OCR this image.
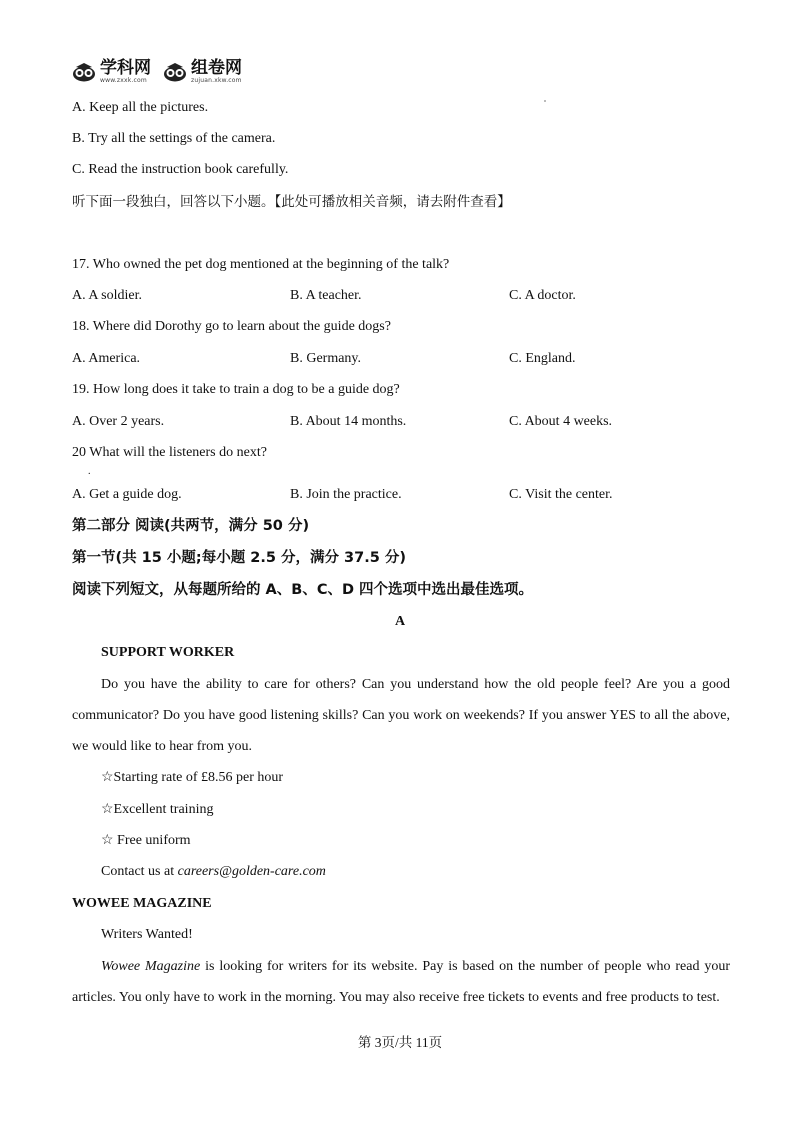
学科网
www.zxxk.com
组卷网
zujuan.xkw.com
A. Keep all the pictures.
B. Try all the settings of the camera.
C. Read the instruction book carefully.
听下面一段独白，回答以下小题。【此处可播放相关音频，请去附件查看】
17. Who owned the pet dog mentioned at the beginning of the talk?
A. A soldier.	B. A teacher.	C. A doctor.
18. Where did Dorothy go to learn about the guide dogs?
A. America.	B. Germany.	C. England.
19. How long does it take to train a dog to be a guide dog?
A. Over 2 years.	B. About 14 months.	C. About 4 weeks.
20 What will the listeners do next?
.
A. Get a guide dog.	B. Join the practice.	C. Visit the center.
第二部分 阅读(共两节，满分 50 分)
第一节(共 15 小题;每小题 2.5 分，满分 37.5 分)
阅读下列短文，从每题所给的 A、B、C、D 四个选项中选出最佳选项。
A
SUPPORT WORKER
Do you have the ability to care for others? Can you understand how the old people feel? Are you a good communicator? Do you have good listening skills? Can you work on weekends? If you answer YES to all the above, we would like to hear from you.
☆Starting rate of £8.56 per hour
☆Excellent training
☆ Free uniform
Contact us at careers@golden-care.com
WOWEE MAGAZINE
Writers Wanted!
Wowee Magazine is looking for writers for its website. Pay is based on the number of people who read your articles. You only have to work in the morning. You may also receive free tickets to events and free products to test.
第 3页/共 11页
